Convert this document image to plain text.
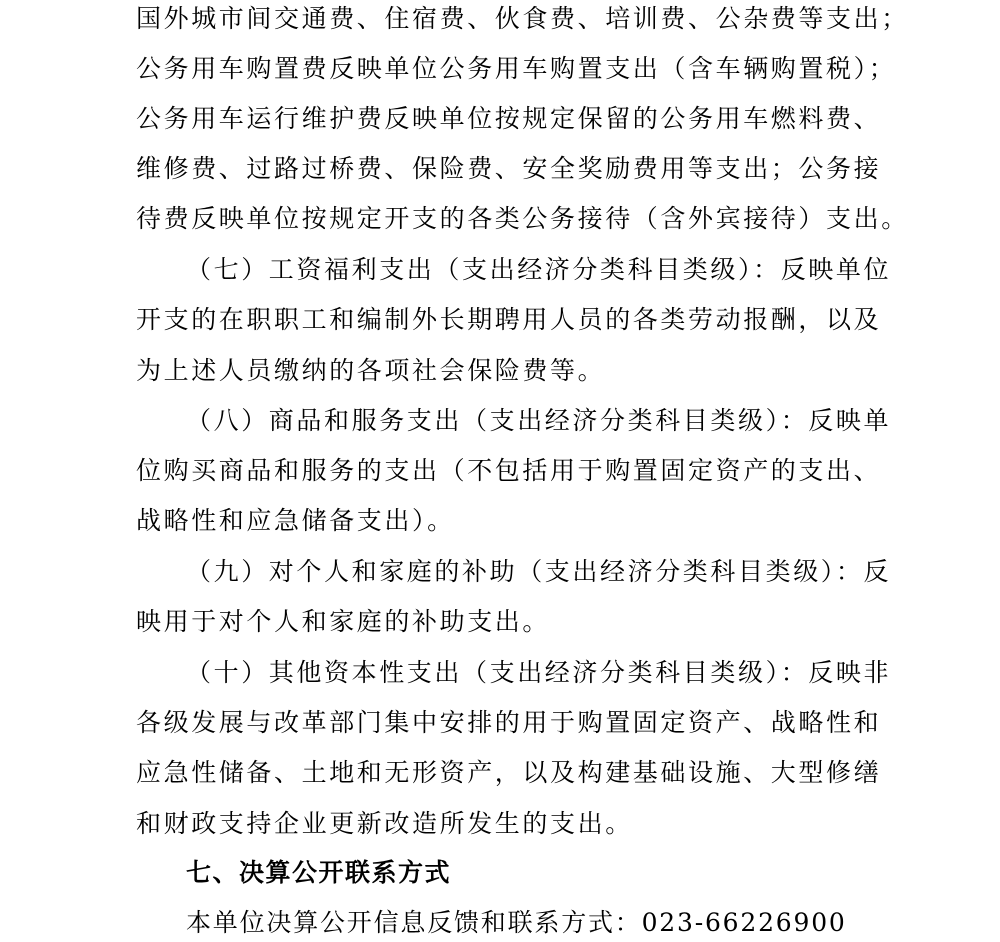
国外城市间交通费、住宿费、伙食费、培训费、公杂费等支出；
公务用车购置费反映单位公务用车购置支出（含车辆购置税）；
公务用车运行维护费反映单位按规定保留的公务用车燃料费、
维修费、过路过桥费、保险费、安全奖励费用等支出；公务接
待费反映单位按规定开支的各类公务接待（含外宾接待）支出。
（七）工资福利支出（支出经济分类科目类级）：反映单位
开支的在职职工和编制外长期聘用人员的各类劳动报酬，以及
为上述人员缴纳的各项社会保险费等。
（八）商品和服务支出（支出经济分类科目类级）：反映单
位购买商品和服务的支出（不包括用于购置固定资产的支出、
战略性和应急储备支出）。
（九）对个人和家庭的补助（支出经济分类科目类级）：反
映用于对个人和家庭的补助支出。
（十）其他资本性支出（支出经济分类科目类级）：反映非
各级发展与改革部门集中安排的用于购置固定资产、战略性和
应急性储备、土地和无形资产，以及构建基础设施、大型修缮
和财政支持企业更新改造所发生的支出。
七、决算公开联系方式
本单位决算公开信息反馈和联系方式：023-66226900
